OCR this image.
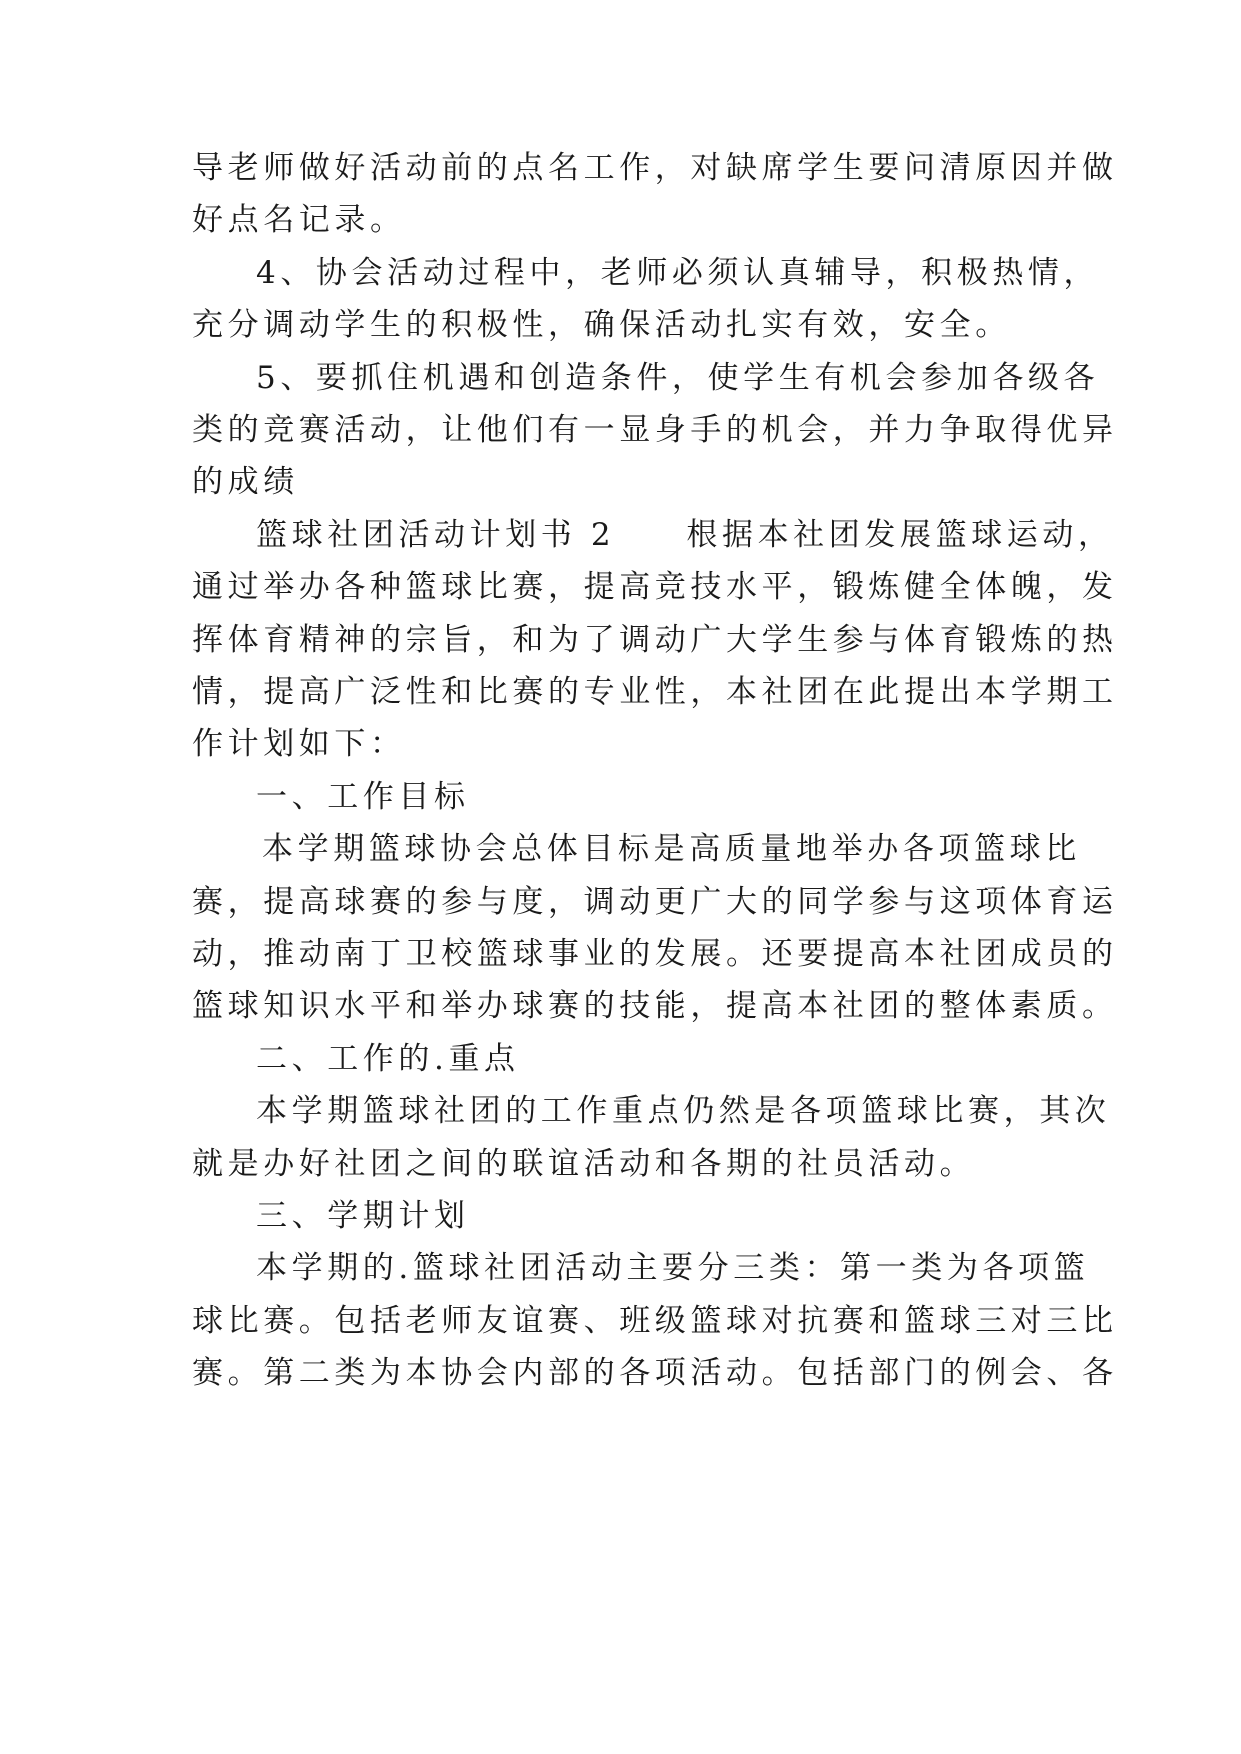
导老师做好活动前的点名工作，对缺席学生要问清原因并做
好点名记录。
4、协会活动过程中，老师必须认真辅导，积极热情，
充分调动学生的积极性，确保活动扎实有效，安全。
5、要抓住机遇和创造条件，使学生有机会参加各级各
类的竞赛活动，让他们有一显身手的机会，并力争取得优异
的成绩
篮球社团活动计划书 2　　根据本社团发展篮球运动，
通过举办各种篮球比赛，提高竞技水平，锻炼健全体魄，发
挥体育精神的宗旨，和为了调动广大学生参与体育锻炼的热
情，提高广泛性和比赛的专业性，本社团在此提出本学期工
作计划如下：
一、工作目标
本学期篮球协会总体目标是高质量地举办各项篮球比
赛，提高球赛的参与度，调动更广大的同学参与这项体育运
动，推动南丁卫校篮球事业的发展。还要提高本社团成员的
篮球知识水平和举办球赛的技能，提高本社团的整体素质。
二、工作的.重点
本学期篮球社团的工作重点仍然是各项篮球比赛，其次
就是办好社团之间的联谊活动和各期的社员活动。
三、学期计划
本学期的.篮球社团活动主要分三类：第一类为各项篮
球比赛。包括老师友谊赛、班级篮球对抗赛和篮球三对三比
赛。第二类为本协会内部的各项活动。包括部门的例会、各
